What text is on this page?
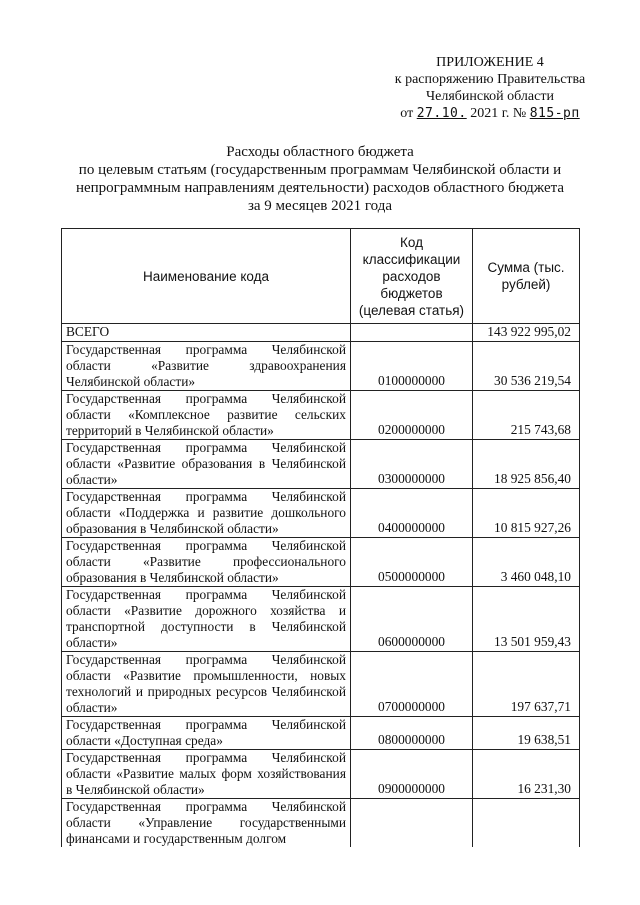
ПРИЛОЖЕНИЕ 4
к распоряжению Правительства
Челябинской области
от 27.10. 2021 г. № 815-рп
Расходы областного бюджета
по целевым статьям (государственным программам Челябинской области и
непрограммным направлениям деятельности) расходов областного бюджета
за 9 месяцев 2021 года
Наименование кода	Код классификации расходов бюджетов (целевая статья)	Сумма (тыс. рублей)
ВСЕГО		143 922 995,02
Государственная программа Челябинской области «Развитие здравоохранения Челябинской области»	0100000000	30 536 219,54
Государственная программа Челябинской области «Комплексное развитие сельских территорий в Челябинской области»	0200000000	215 743,68
Государственная программа Челябинской области «Развитие образования в Челябинской области»	0300000000	18 925 856,40
Государственная программа Челябинской области «Поддержка и развитие дошкольного образования в Челябинской области»	0400000000	10 815 927,26
Государственная программа Челябинской области «Развитие профессионального образования в Челябинской области»	0500000000	3 460 048,10
Государственная программа Челябинской области «Развитие дорожного хозяйства и транспортной доступности в Челябинской области»	0600000000	13 501 959,43
Государственная программа Челябинской области «Развитие промышленности, новых технологий и природных ресурсов Челябинской области»	0700000000	197 637,71
Государственная программа Челябинской области «Доступная среда»	0800000000	19 638,51
Государственная программа Челябинской области «Развитие малых форм хозяйствования в Челябинской области»	0900000000	16 231,30
Государственная программа Челябинской области «Управление государственными финансами и государственным долгом		
